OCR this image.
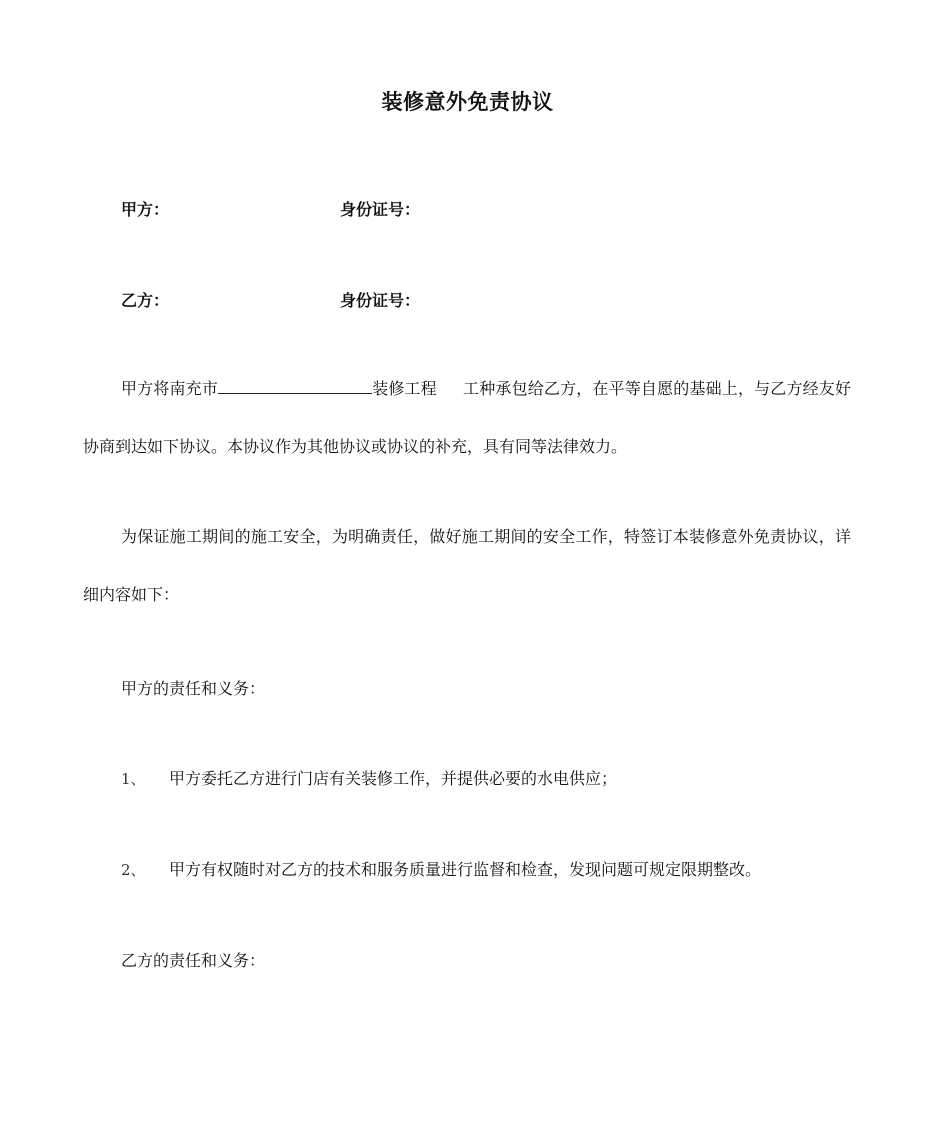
装修意外免责协议
甲方：	身份证号：
乙方：	身份证号：

甲方将南充市	装修工程 工种承包给乙方，在平等自愿的基础上，与乙方经友好协商到达如下协议。本协议作为其他协议或协议的补充，具有同等法律效力。

为保证施工期间的施工安全，为明确责任，做好施工期间的安全工作，特签订本装修意外免责协议，详细内容如下：

甲方的责任和义务：
1、 甲方委托乙方进行门店有关装修工作，并提供必要的水电供应；
2、 甲方有权随时对乙方的技术和服务质量进行监督和检查，发现问题可规定限期整改。
乙方的责任和义务：
